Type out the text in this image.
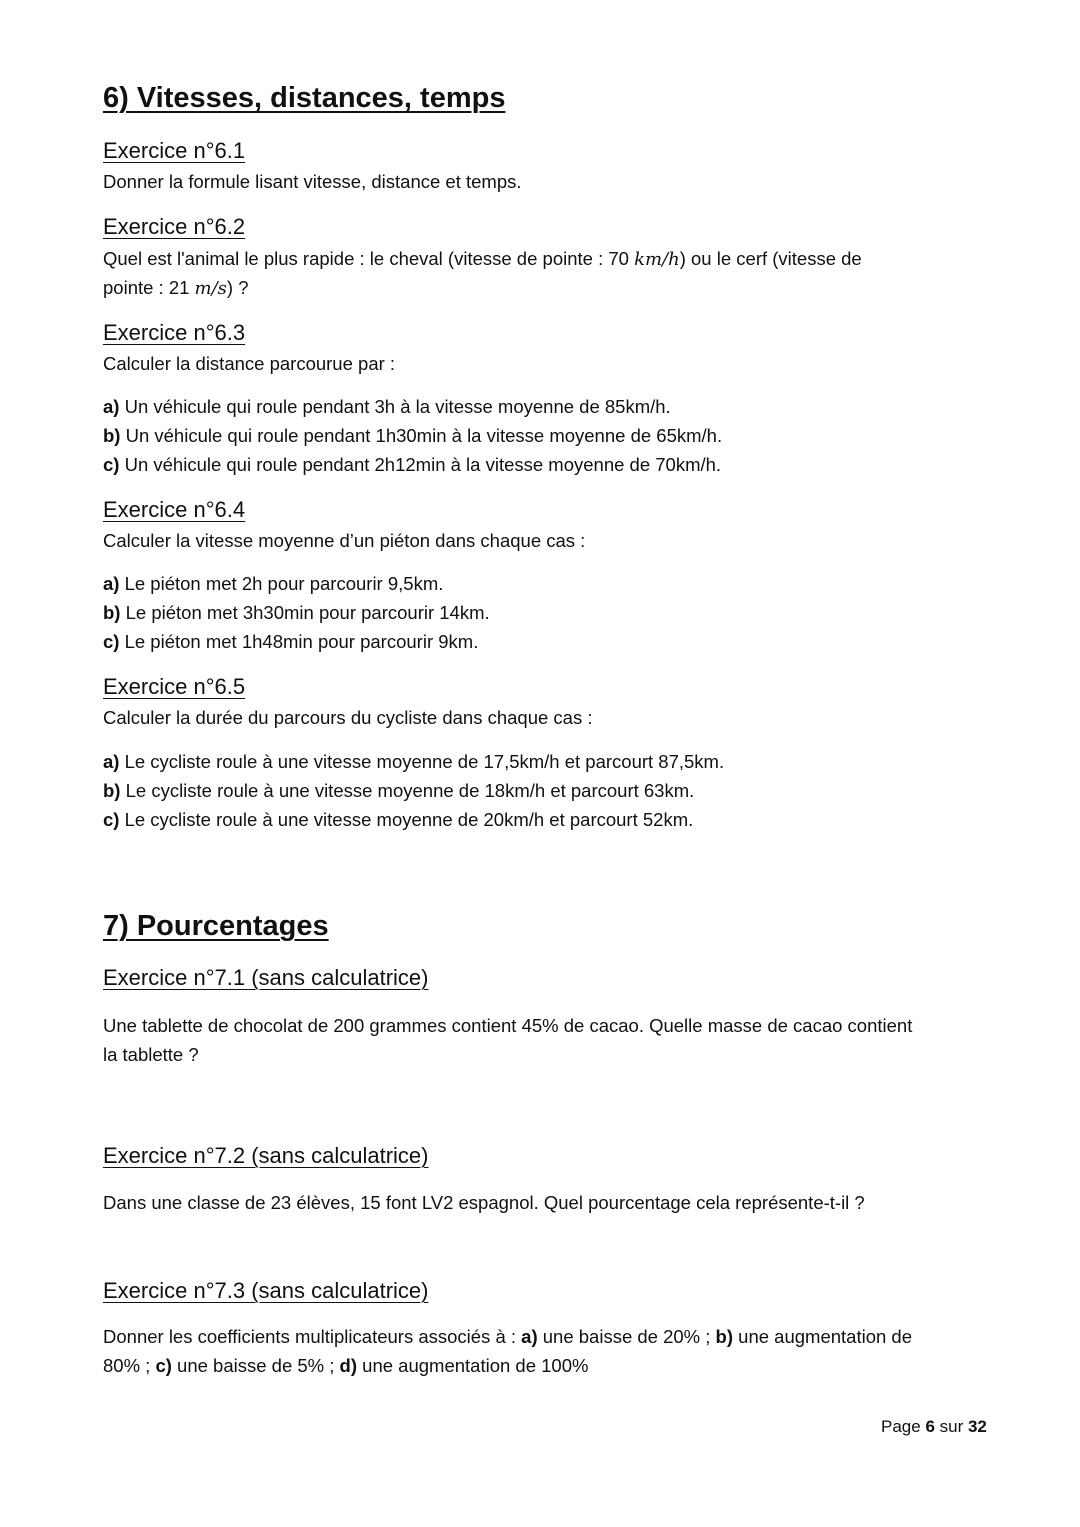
6) Vitesses, distances, temps
Exercice n°6.1

Donner la formule lisant vitesse, distance et temps.

Exercice n°6.2

Quel est l'animal le plus rapide : le cheval (vitesse de pointe : 70 km/h) ou le cerf (vitesse de

pointe : 21 m/s) ?

Exercice n°6.3

Calculer la distance parcourue par :

a) Un véhicule qui roule pendant 3h à la vitesse moyenne de 85km/h.

b) Un véhicule qui roule pendant 1h30min à la vitesse moyenne de 65km/h.

c) Un véhicule qui roule pendant 2h12min à la vitesse moyenne de 70km/h.

Exercice n°6.4

Calculer la vitesse moyenne d’un piéton dans chaque cas :

a) Le piéton met 2h pour parcourir 9,5km.

b) Le piéton met 3h30min pour parcourir 14km.

c) Le piéton met 1h48min pour parcourir 9km.

Exercice n°6.5

Calculer la durée du parcours du cycliste dans chaque cas :

a) Le cycliste roule à une vitesse moyenne de 17,5km/h et parcourt 87,5km.

b) Le cycliste roule à une vitesse moyenne de 18km/h et parcourt 63km.

c) Le cycliste roule à une vitesse moyenne de 20km/h et parcourt 52km.

7) Pourcentages
Exercice n°7.1 (sans calculatrice)

Une tablette de chocolat de 200 grammes contient 45% de cacao. Quelle masse de cacao contient

la tablette ?

Exercice n°7.2 (sans calculatrice)

Dans une classe de 23 élèves, 15 font LV2 espagnol. Quel pourcentage cela représente-t-il ?

Exercice n°7.3 (sans calculatrice)

Donner les coefficients multiplicateurs associés à : a) une baisse de 20% ; b) une augmentation de

80% ; c) une baisse de 5% ; d) une augmentation de 100%

Page 6 sur 32
